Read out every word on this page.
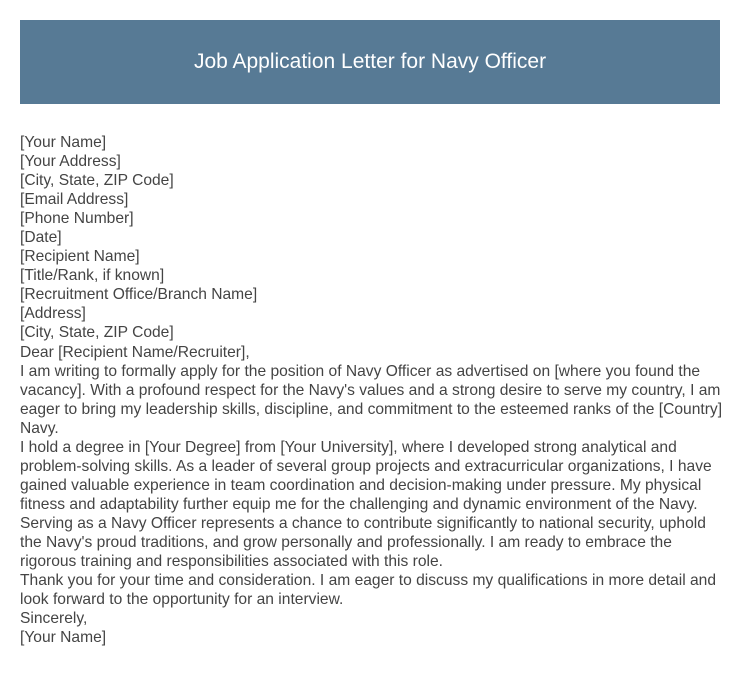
Job Application Letter for Navy Officer
[Your Name]
[Your Address]
[City, State, ZIP Code]
[Email Address]
[Phone Number]
[Date]
[Recipient Name]
[Title/Rank, if known]
[Recruitment Office/Branch Name]
[Address]
[City, State, ZIP Code]
Dear [Recipient Name/Recruiter],
I am writing to formally apply for the position of Navy Officer as advertised on [where you found the vacancy]. With a profound respect for the Navy's values and a strong desire to serve my country, I am eager to bring my leadership skills, discipline, and commitment to the esteemed ranks of the [Country] Navy.
I hold a degree in [Your Degree] from [Your University], where I developed strong analytical and problem-solving skills. As a leader of several group projects and extracurricular organizations, I have gained valuable experience in team coordination and decision-making under pressure. My physical fitness and adaptability further equip me for the challenging and dynamic environment of the Navy.
Serving as a Navy Officer represents a chance to contribute significantly to national security, uphold the Navy's proud traditions, and grow personally and professionally. I am ready to embrace the rigorous training and responsibilities associated with this role.
Thank you for your time and consideration. I am eager to discuss my qualifications in more detail and look forward to the opportunity for an interview.
Sincerely,
[Your Name]
